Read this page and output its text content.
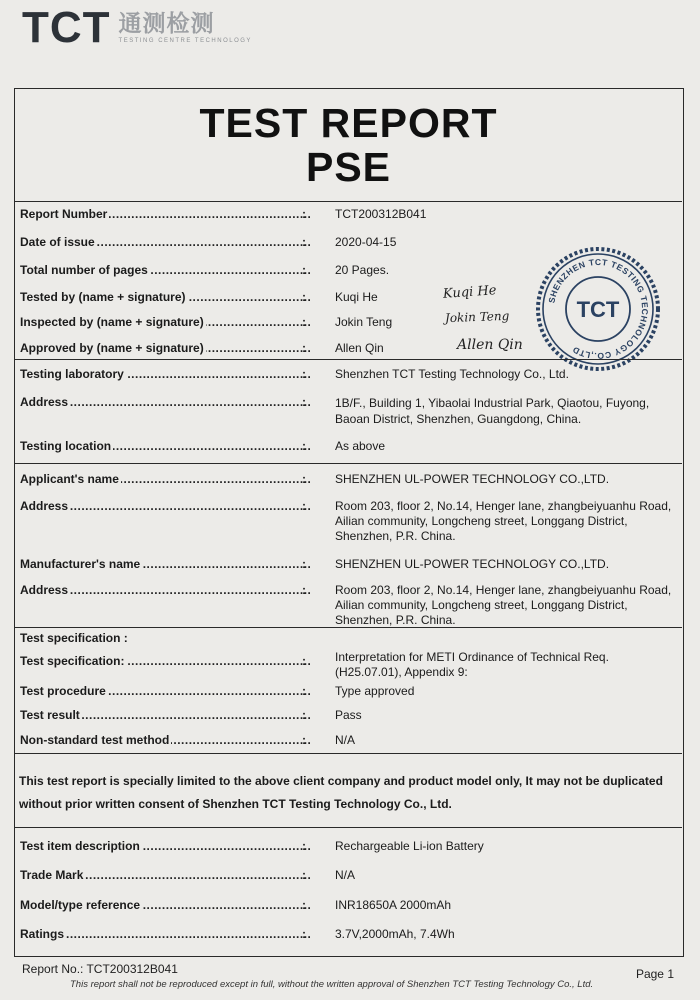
TCT 通测检测
TESTING CENTRE TECHNOLOGY
TEST REPORT
PSE
Report Number .....	: TCT200312B041
Date of issue .....	: 2020-04-15
Total number of pages .....	: 20 Pages.
Tested by (name + signature) .....	: Kuqi He
Inspected by (name + signature) .....	: Jokin Teng
Approved by (name + signature) .....	: Allen Qin
Kuqi He
Jokin Teng
Allen Qin
SHENZHEN TCT TESTING TECHNOLOGY CO.,LTD
TCT
Testing laboratory .....	: Shenzhen TCT Testing Technology Co., Ltd.
Address .....	: 1B/F., Building 1, Yibaolai Industrial Park, Qiaotou, Fuyong, Baoan District, Shenzhen, Guangdong, China.
Testing location .....	: As above
Applicant's name .....	: SHENZHEN UL-POWER TECHNOLOGY CO.,LTD.
Address .....	: Room 203, floor 2, No.14, Henger lane, zhangbeiyuanhu Road, Ailian community, Longcheng street, Longgang District, Shenzhen, P.R. China.
Manufacturer's name .....	: SHENZHEN UL-POWER TECHNOLOGY CO.,LTD.
Address .....	: Room 203, floor 2, No.14, Henger lane, zhangbeiyuanhu Road, Ailian community, Longcheng street, Longgang District, Shenzhen, P.R. China.
Test specification :
Test specification: .....	: Interpretation for METI Ordinance of Technical Req. (H25.07.01), Appendix 9:
Test procedure .....	: Type approved
Test result .....	: Pass
Non-standard test method .....	: N/A
This test report is specially limited to the above client company and product model only, It may not be duplicated without prior written consent of Shenzhen TCT Testing Technology Co., Ltd.
Test item description .....	: Rechargeable Li-ion Battery
Trade Mark .....	: N/A
Model/type reference .....	: INR18650A 2000mAh
Ratings .....	: 3.7V,2000mAh, 7.4Wh
Report No.: TCT200312B041	Page 1
This report shall not be reproduced except in full, without the written approval of Shenzhen TCT Testing Technology Co., Ltd.
